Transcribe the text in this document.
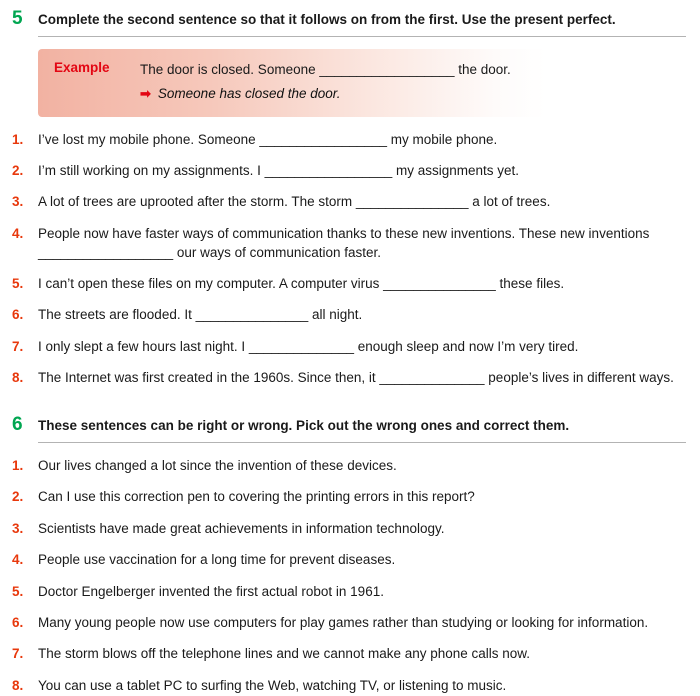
5	Complete the second sentence so that it follows on from the first. Use the present perfect.
Example	The door is closed. Someone __________________ the door.
➡ Someone has closed the door.
1.	I’ve lost my mobile phone. Someone _________________ my mobile phone.
2.	I’m still working on my assignments. I _________________ my assignments yet.
3.	A lot of trees are uprooted after the storm. The storm _______________ a lot of trees.
4.	People now have faster ways of communication thanks to these new inventions. These new inventions __________________ our ways of communication faster.
5.	I can’t open these files on my computer. A computer virus _______________ these files.
6.	The streets are flooded. It _______________ all night.
7.	I only slept a few hours last night. I ______________ enough sleep and now I’m very tired.
8.	The Internet was first created in the 1960s. Since then, it ______________ people’s lives in different ways.
6	These sentences can be right or wrong. Pick out the wrong ones and correct them.
1.	Our lives changed a lot since the invention of these devices.
2.	Can I use this correction pen to covering the printing errors in this report?
3.	Scientists have made great achievements in information technology.
4.	People use vaccination for a long time for prevent diseases.
5.	Doctor Engelberger invented the first actual robot in 1961.
6.	Many young people now use computers for play games rather than studying or looking for information.
7.	The storm blows off the telephone lines and we cannot make any phone calls now.
8.	You can use a tablet PC to surfing the Web, watching TV, or listening to music.
